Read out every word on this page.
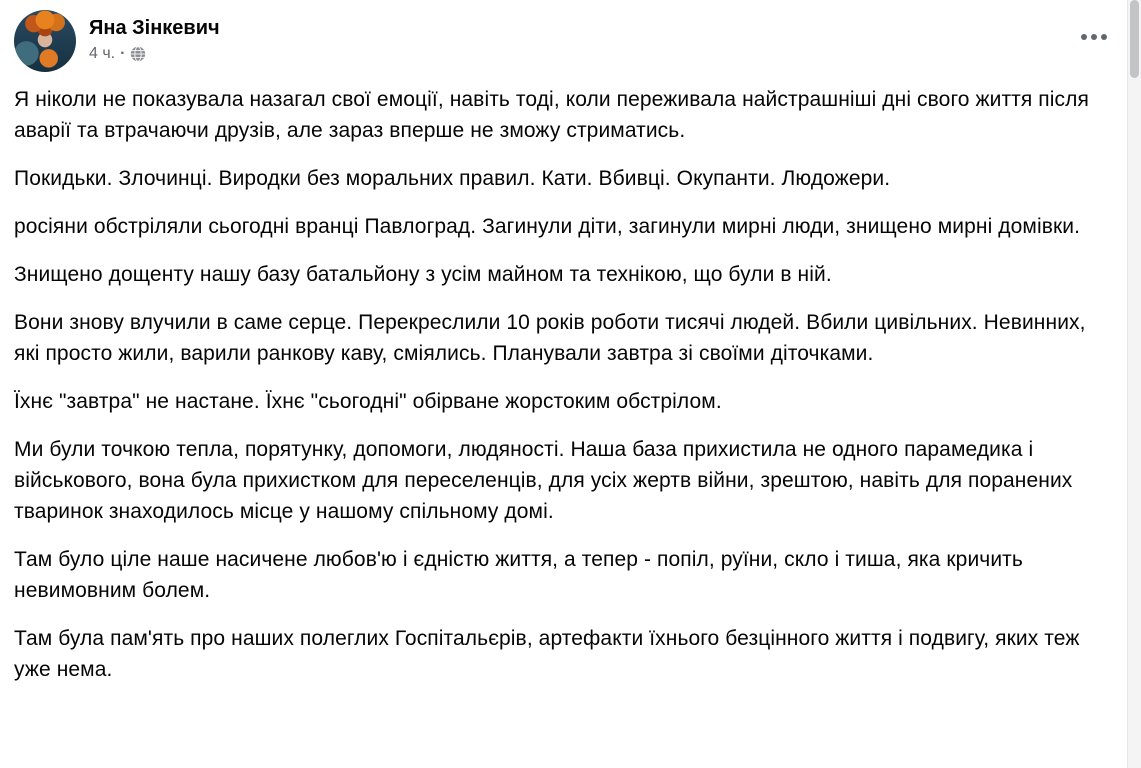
Яна Зінкевич
4 ч. ·

Я ніколи не показувала назагал свої емоції, навіть тоді, коли переживала найстрашніші дні свого життя після аварії та втрачаючи друзів, але зараз вперше не зможу стриматись.

Покидьки. Злочинці. Виродки без моральних правил. Кати. Вбивці. Окупанти. Людожери.

росіяни обстріляли сьогодні вранці Павлоград. Загинули діти, загинули мирні люди, знищено мирні домівки.

Знищено дощенту нашу базу батальйону з усім майном та технікою, що були в ній.

Вони знову влучили в саме серце. Перекреслили 10 років роботи тисячі людей. Вбили цивільних. Невинних, які просто жили, варили ранкову каву, сміялись. Планували завтра зі своїми діточками.

Їхнє "завтра" не настане. Їхнє "сьогодні" обірване жорстоким обстрілом.

Ми були точкою тепла, порятунку, допомоги, людяності. Наша база прихистила не одного парамедика і військового, вона була прихистком для переселенців, для усіх жертв війни, зрештою, навіть для поранених тваринок знаходилось місце у нашому спільному домі.

Там було ціле наше насичене любов'ю і єдністю життя, а тепер - попіл, руїни, скло і тиша, яка кричить невимовним болем.

Там була пам'ять про наших полеглих Госпітальєрів, артефакти їхнього безцінного життя і подвигу, яких теж уже нема.
